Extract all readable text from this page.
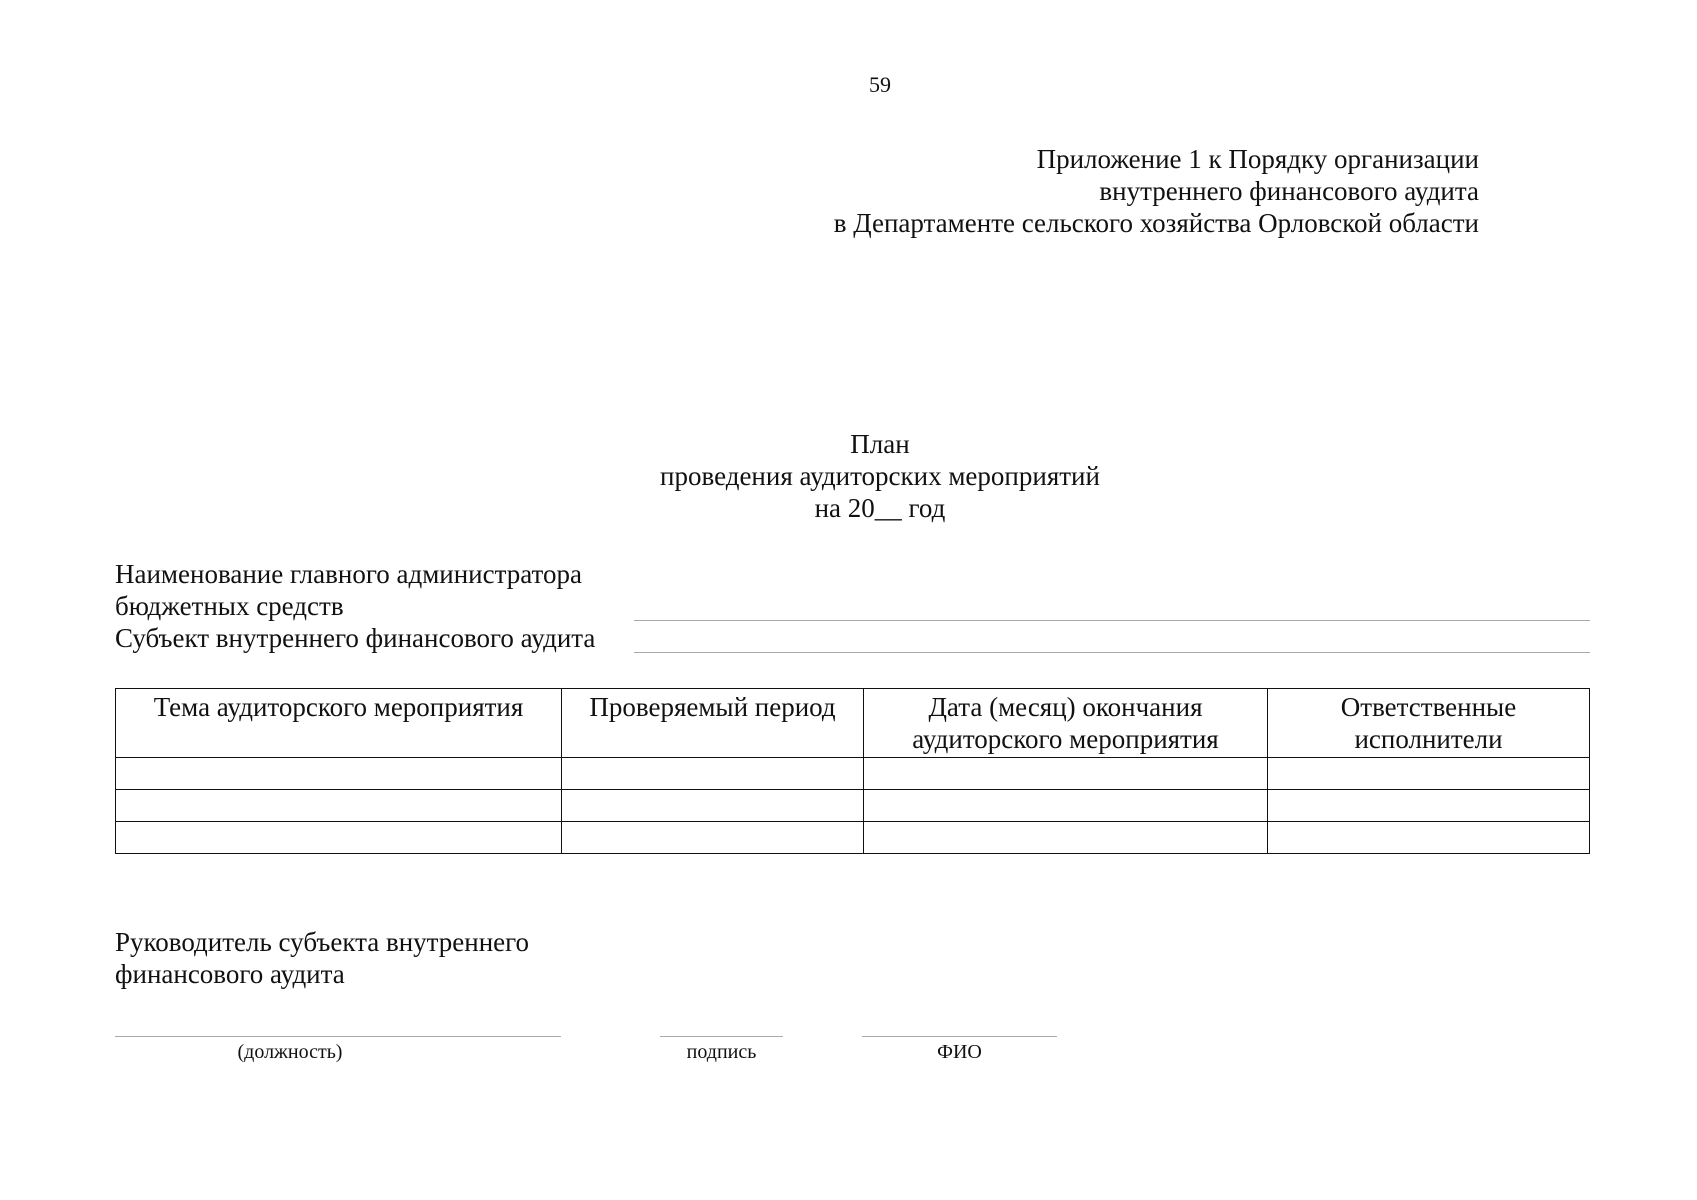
59
Приложение 1 к Порядку организации
внутреннего финансового аудита
в Департаменте сельского хозяйства Орловской области
План
проведения аудиторских мероприятий
на 20__ год
Наименование главного администратора
бюджетных средств
Субъект внутреннего финансового аудита
Тема аудиторского мероприятия	Проверяемый период	Дата (месяц) окончания аудиторского мероприятия	Ответственные исполнители

Руководитель субъекта внутреннего
финансового аудита
(должность)	подпись	ФИО
